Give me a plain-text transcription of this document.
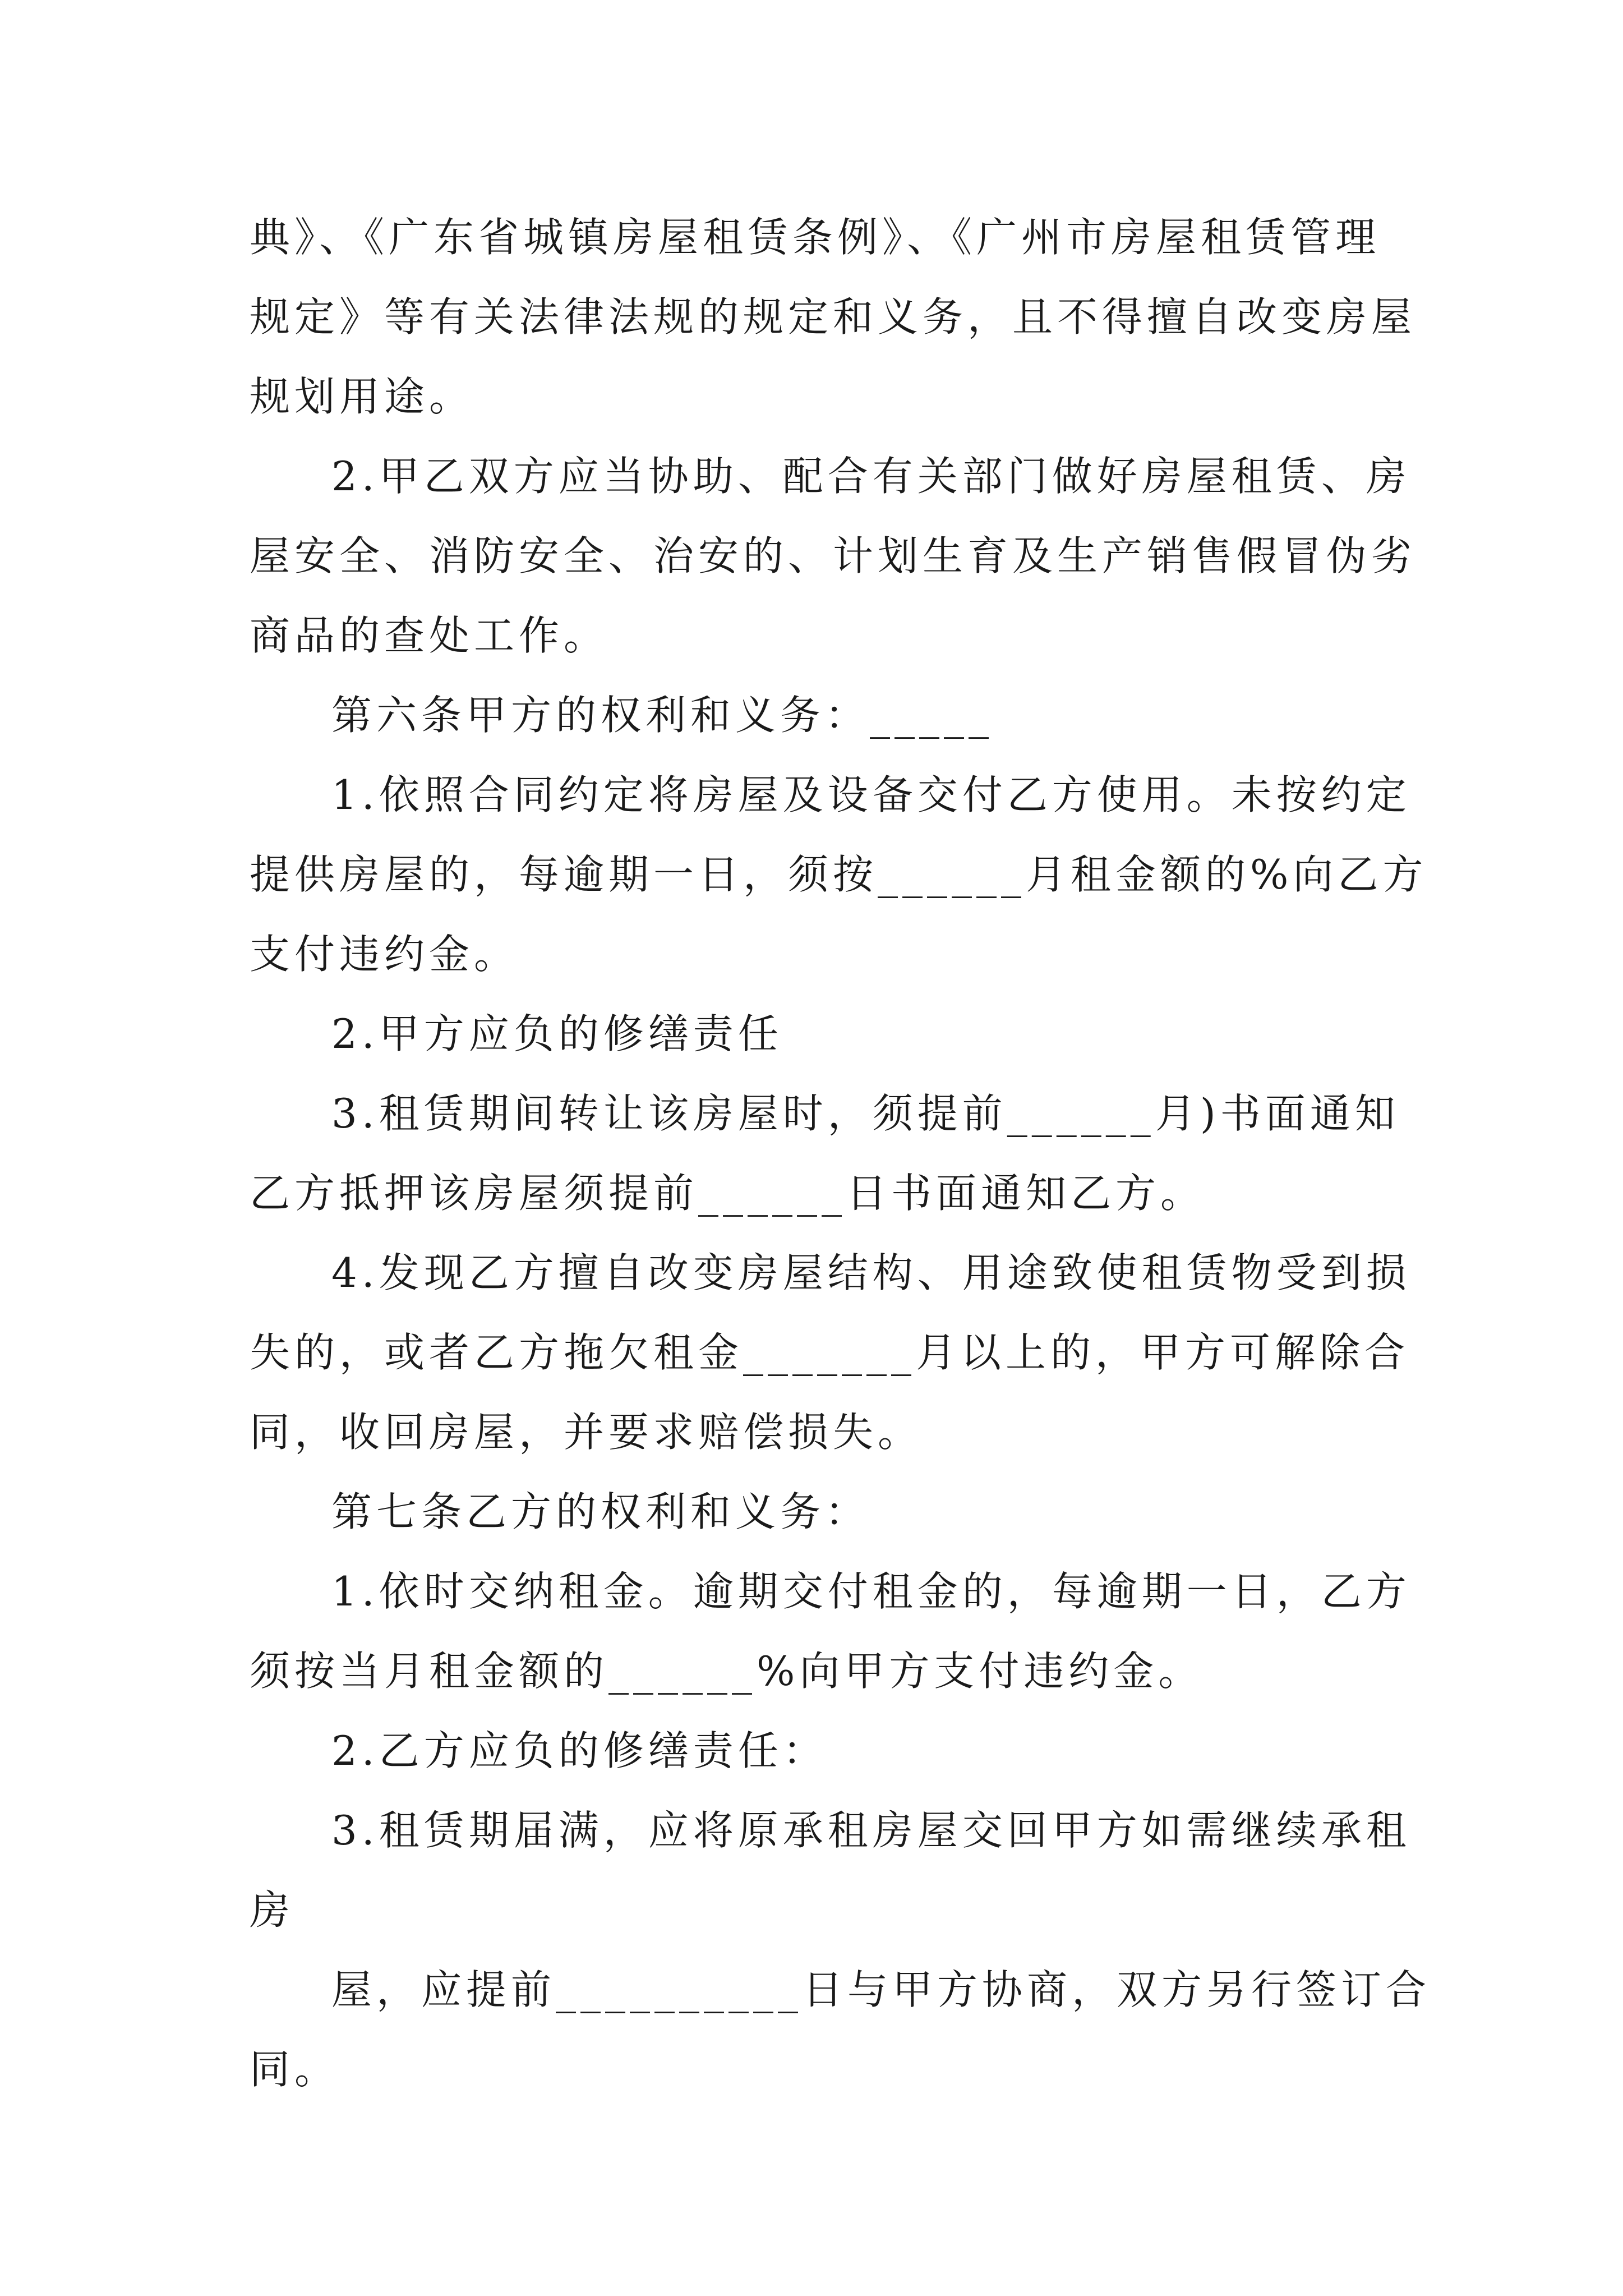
典》、《广东省城镇房屋租赁条例》、《广州市房屋租赁管理
规定》等有关法律法规的规定和义务，且不得擅自改变房屋
规划用途。
2.甲乙双方应当协助、配合有关部门做好房屋租赁、房
屋安全、消防安全、治安的、计划生育及生产销售假冒伪劣
商品的查处工作。
第六条甲方的权利和义务：_____
1.依照合同约定将房屋及设备交付乙方使用。未按约定
提供房屋的，每逾期一日，须按______月租金额的%向乙方
支付违约金。
2.甲方应负的修缮责任
3.租赁期间转让该房屋时，须提前______月)书面通知
乙方抵押该房屋须提前______日书面通知乙方。
4.发现乙方擅自改变房屋结构、用途致使租赁物受到损
失的，或者乙方拖欠租金_______月以上的，甲方可解除合
同，收回房屋，并要求赔偿损失。
第七条乙方的权利和义务：
1.依时交纳租金。逾期交付租金的，每逾期一日，乙方
须按当月租金额的______%向甲方支付违约金。
2.乙方应负的修缮责任：
3.租赁期届满，应将原承租房屋交回甲方如需继续承租
房
屋，应提前__________日与甲方协商，双方另行签订合
同。
